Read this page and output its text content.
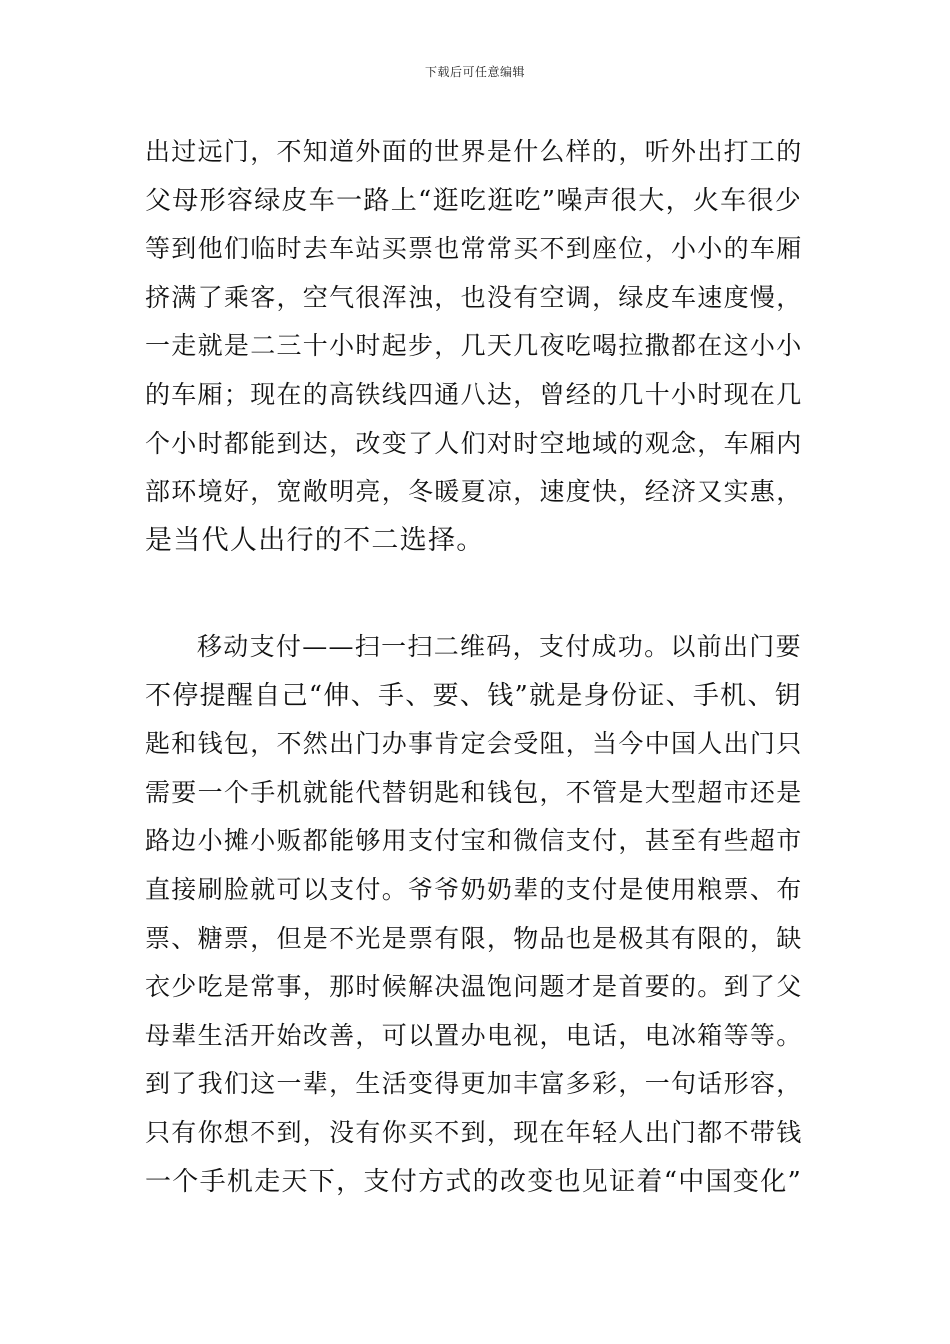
下载后可任意编辑
出过远门，不知道外面的世界是什么样的，听外出打工的
父母形容绿皮车一路上“逛吃逛吃”噪声很大，火车很少
等到他们临时去车站买票也常常买不到座位，小小的车厢
挤满了乘客，空气很浑浊，也没有空调，绿皮车速度慢，
一走就是二三十小时起步，几天几夜吃喝拉撒都在这小小
的车厢；现在的高铁线四通八达，曾经的几十小时现在几
个小时都能到达，改变了人们对时空地域的观念，车厢内
部环境好，宽敞明亮，冬暖夏凉，速度快，经济又实惠，
是当代人出行的不二选择。
移动支付——扫一扫二维码，支付成功。以前出门要
不停提醒自己“伸、手、要、钱”就是身份证、手机、钥
匙和钱包，不然出门办事肯定会受阻，当今中国人出门只
需要一个手机就能代替钥匙和钱包，不管是大型超市还是
路边小摊小贩都能够用支付宝和微信支付，甚至有些超市
直接刷脸就可以支付。爷爷奶奶辈的支付是使用粮票、布
票、糖票，但是不光是票有限，物品也是极其有限的，缺
衣少吃是常事，那时候解决温饱问题才是首要的。到了父
母辈生活开始改善，可以置办电视，电话，电冰箱等等。
到了我们这一辈，生活变得更加丰富多彩，一句话形容，
只有你想不到，没有你买不到，现在年轻人出门都不带钱
一个手机走天下，支付方式的改变也见证着“中国变化”
